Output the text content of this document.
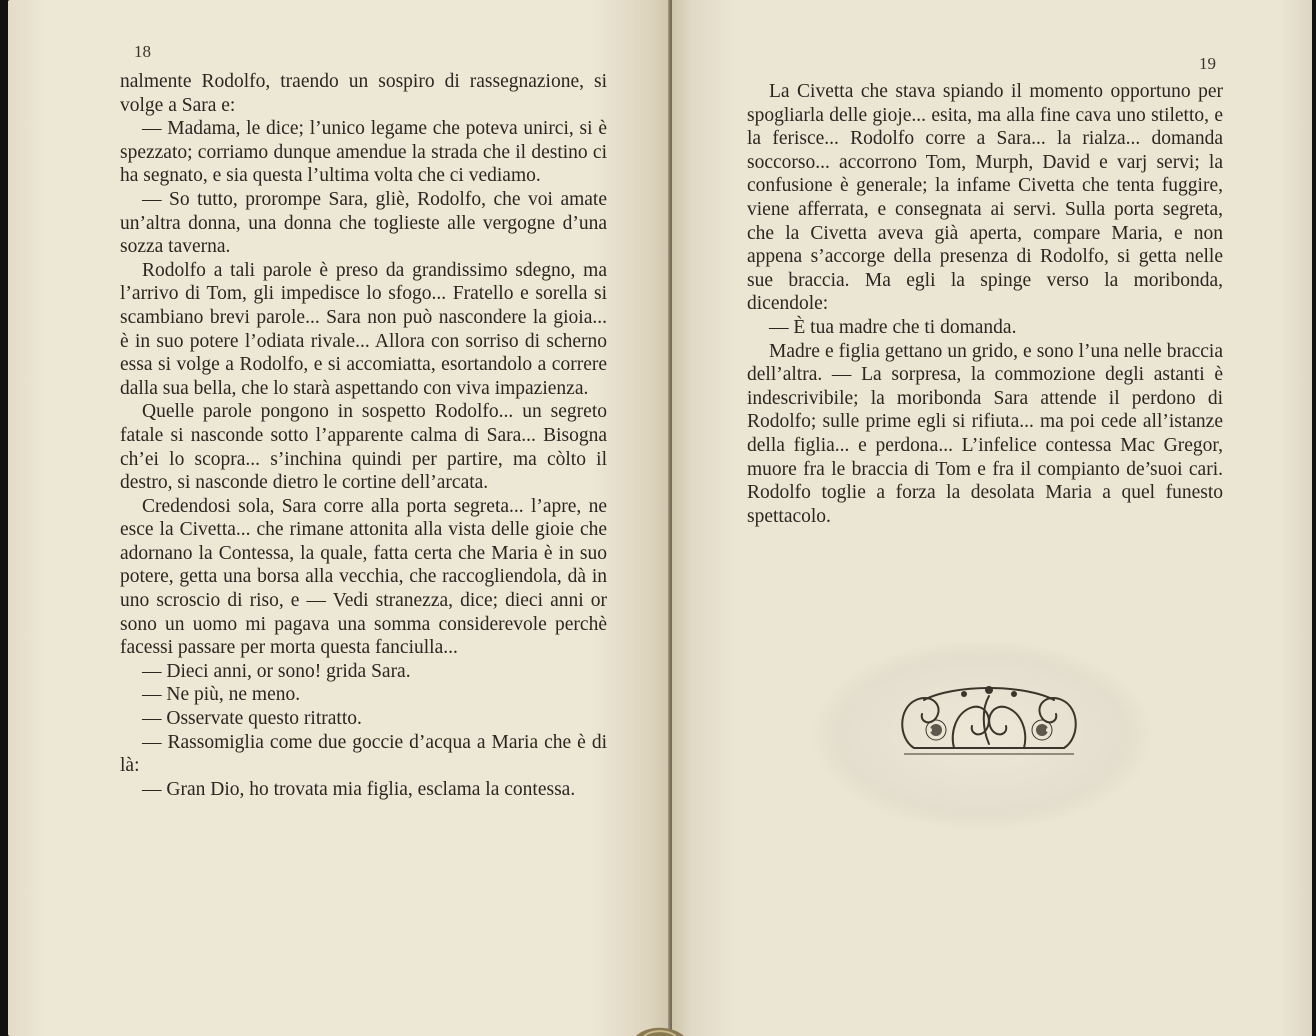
18

nalmente Rodolfo, traendo un sospiro di rassegnazione, si volge a Sara e:

— Madama, le dice; l’unico legame che poteva unirci, si è spezzato; corriamo dunque amendue la strada che il destino ci ha segnato, e sia questa l’ultima volta che ci vediamo.

— So tutto, prorompe Sara, gliè, Rodolfo, che voi amate un’altra donna, una donna che toglieste alle vergogne d’una sozza taverna.

Rodolfo a tali parole è preso da grandissimo sdegno, ma l’arrivo di Tom, gli impedisce lo sfogo... Fratello e sorella si scambiano brevi parole... Sara non può nascondere la gioia... è in suo potere l’odiata rivale... Allora con sorriso di scherno essa si volge a Rodolfo, e si accomiatta, esortandolo a correre dalla sua bella, che lo starà aspettando con viva impazienza.

Quelle parole pongono in sospetto Rodolfo... un segreto fatale si nasconde sotto l’apparente calma di Sara... Bisogna ch’ei lo scopra... s’inchina quindi per partire, ma còlto il destro, si nasconde dietro le cortine dell’arcata.

Credendosi sola, Sara corre alla porta segreta... l’apre, ne esce la Civetta... che rimane attonita alla vista delle gioie che adornano la Contessa, la quale, fatta certa che Maria è in suo potere, getta una borsa alla vecchia, che raccogliendola, dà in uno scroscio di riso, e — Vedi stranezza, dice; dieci anni or sono un uomo mi pagava una somma considerevole perchè facessi passare per morta questa fanciulla...

— Dieci anni, or sono! grida Sara.

— Ne più, ne meno.

— Osservate questo ritratto.

— Rassomiglia come due goccie d’acqua a Maria che è di là:

— Gran Dio, ho trovata mia figlia, esclama la contessa.

19

La Civetta che stava spiando il momento opportuno per spogliarla delle gioje... esita, ma alla fine cava uno stiletto, e la ferisce... Rodolfo corre a Sara... la rialza... domanda soccorso... accorrono Tom, Murph, David e varj servi; la confusione è generale; la infame Civetta che tenta fuggire, viene afferrata, e consegnata ai servi. Sulla porta segreta, che la Civetta aveva già aperta, compare Maria, e non appena s’accorge della presenza di Rodolfo, si getta nelle sue braccia. Ma egli la spinge verso la moribonda, dicendole:

— È tua madre che ti domanda.

Madre e figlia gettano un grido, e sono l’una nelle braccia dell’altra. — La sorpresa, la commozione degli astanti è indescrivibile; la moribonda Sara attende il perdono di Rodolfo; sulle prime egli si rifiuta... ma poi cede all’istanze della figlia... e perdona... L’infelice contessa Mac Gregor, muore fra le braccia di Tom e fra il compianto de’suoi cari. Rodolfo toglie a forza la desolata Maria a quel funesto spettacolo.
